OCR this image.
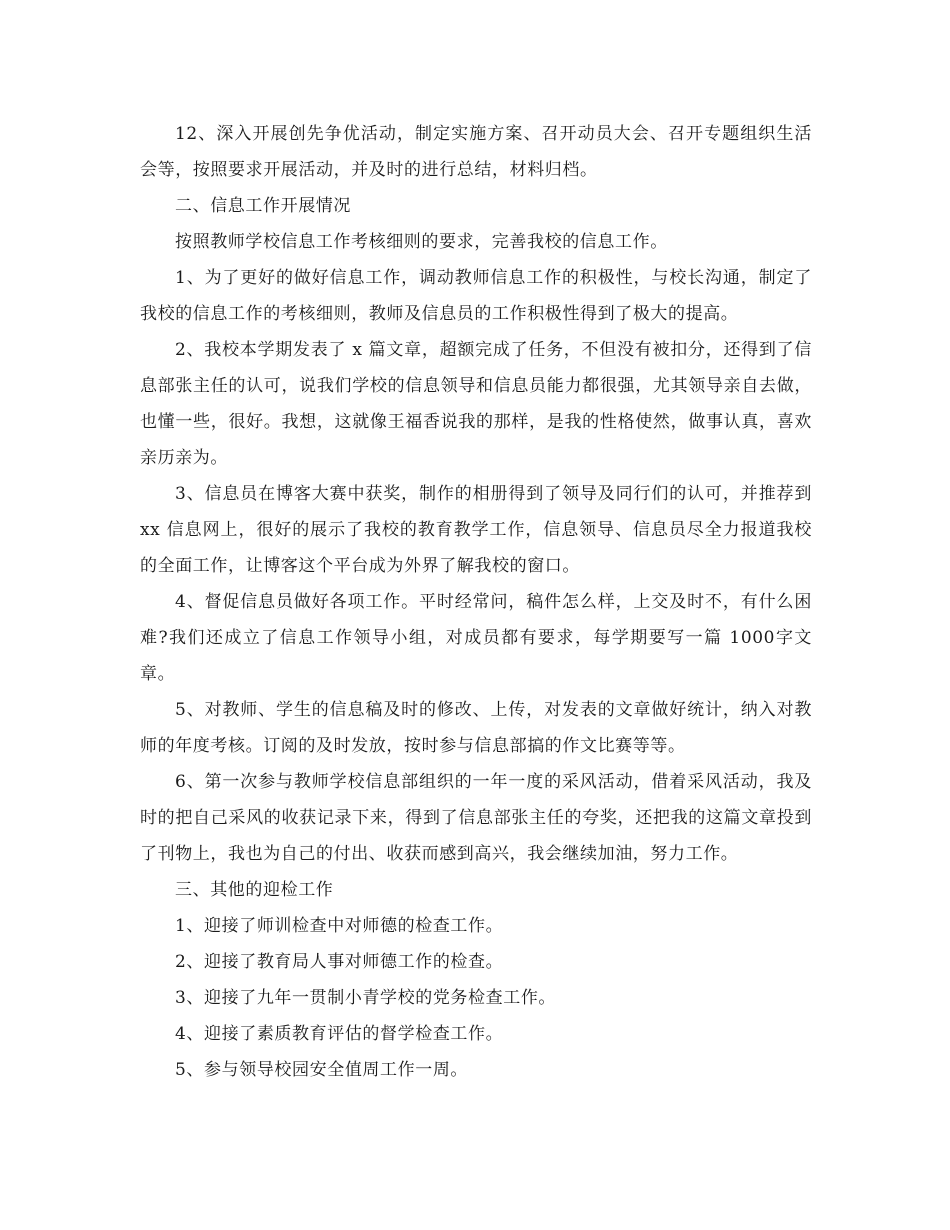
12、深入开展创先争优活动，制定实施方案、召开动员大会、召开专题组织生活会等，按照要求开展活动，并及时的进行总结，材料归档。

二、信息工作开展情况

按照教师学校信息工作考核细则的要求，完善我校的信息工作。

1、为了更好的做好信息工作，调动教师信息工作的积极性，与校长沟通，制定了我校的信息工作的考核细则，教师及信息员的工作积极性得到了极大的提高。

2、我校本学期发表了 x 篇文章，超额完成了任务，不但没有被扣分，还得到了信息部张主任的认可，说我们学校的信息领导和信息员能力都很强，尤其领导亲自去做，也懂一些，很好。我想，这就像王福香说我的那样，是我的性格使然，做事认真，喜欢亲历亲为。

3、信息员在博客大赛中获奖，制作的相册得到了领导及同行们的认可，并推荐到 xx 信息网上，很好的展示了我校的教育教学工作，信息领导、信息员尽全力报道我校的全面工作，让博客这个平台成为外界了解我校的窗口。

4、督促信息员做好各项工作。平时经常问，稿件怎么样，上交及时不，有什么困难?我们还成立了信息工作领导小组，对成员都有要求，每学期要写一篇 1000字文章。

5、对教师、学生的信息稿及时的修改、上传，对发表的文章做好统计，纳入对教师的年度考核。订阅的及时发放，按时参与信息部搞的作文比赛等等。

6、第一次参与教师学校信息部组织的一年一度的采风活动，借着采风活动，我及时的把自己采风的收获记录下来，得到了信息部张主任的夸奖，还把我的这篇文章投到了刊物上，我也为自己的付出、收获而感到高兴，我会继续加油，努力工作。

三、其他的迎检工作

1、迎接了师训检查中对师德的检查工作。

2、迎接了教育局人事对师德工作的检查。

3、迎接了九年一贯制小青学校的党务检查工作。

4、迎接了素质教育评估的督学检查工作。

5、参与领导校园安全值周工作一周。
